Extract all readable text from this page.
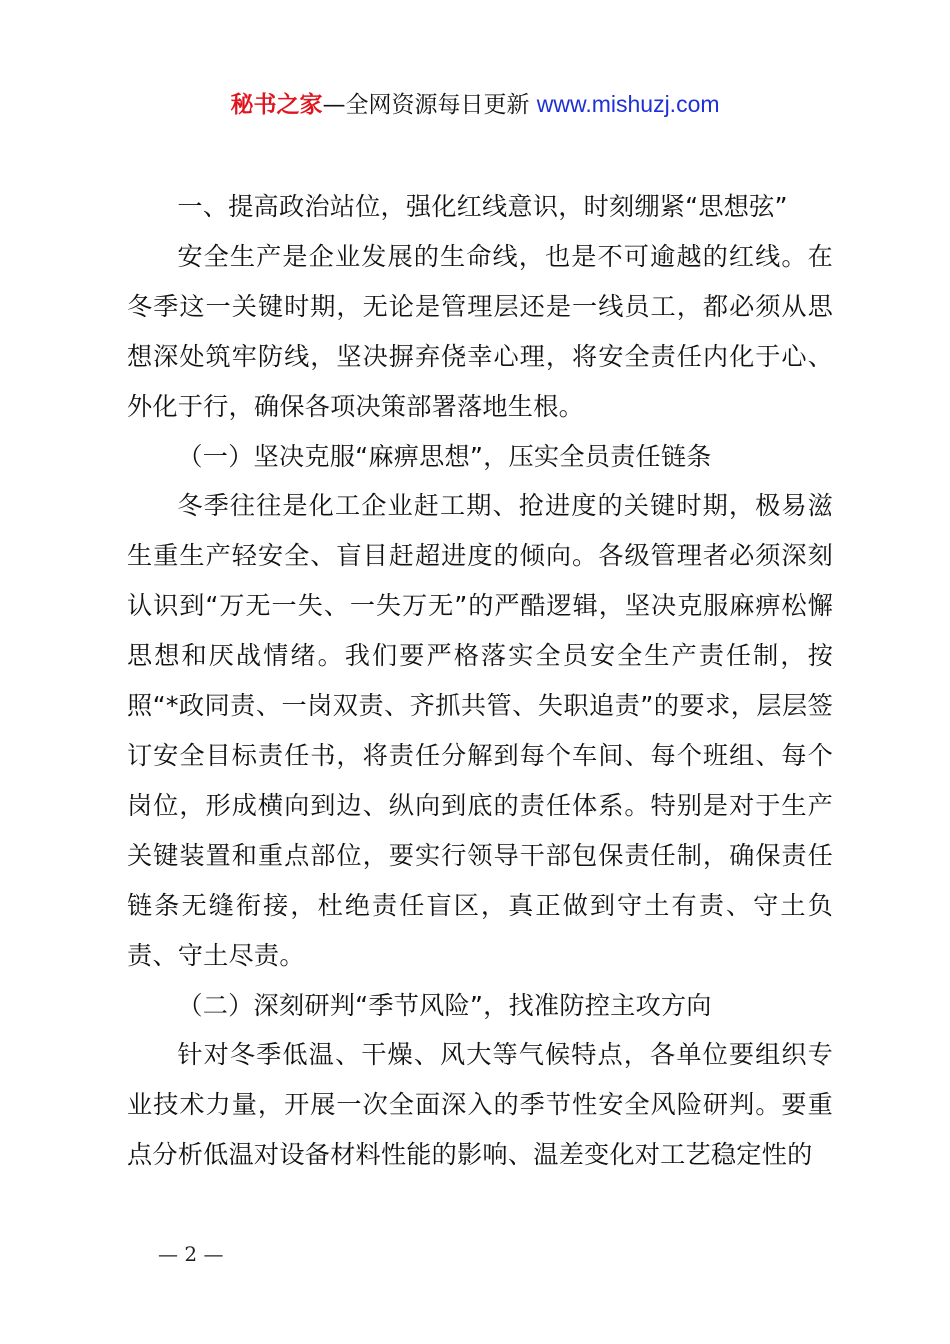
秘书之家—全网资源每日更新 www.mishuzj.com

一、提高政治站位，强化红线意识，时刻绷紧“思想弦”

安全生产是企业发展的生命线，也是不可逾越的红线。在冬季这一关键时期，无论是管理层还是一线员工，都必须从思想深处筑牢防线，坚决摒弃侥幸心理，将安全责任内化于心、外化于行，确保各项决策部署落地生根。

（一）坚决克服“麻痹思想”，压实全员责任链条

冬季往往是化工企业赶工期、抢进度的关键时期，极易滋生重生产轻安全、盲目赶超进度的倾向。各级管理者必须深刻认识到“万无一失、一失万无”的严酷逻辑，坚决克服麻痹松懈思想和厌战情绪。我们要严格落实全员安全生产责任制，按照“*政同责、一岗双责、齐抓共管、失职追责”的要求，层层签订安全目标责任书，将责任分解到每个车间、每个班组、每个岗位，形成横向到边、纵向到底的责任体系。特别是对于生产关键装置和重点部位，要实行领导干部包保责任制，确保责任链条无缝衔接，杜绝责任盲区，真正做到守土有责、守土负责、守土尽责。

（二）深刻研判“季节风险”，找准防控主攻方向

针对冬季低温、干燥、风大等气候特点，各单位要组织专业技术力量，开展一次全面深入的季节性安全风险研判。要重点分析低温对设备材料性能的影响、温差变化对工艺稳定性的

— 2 —
